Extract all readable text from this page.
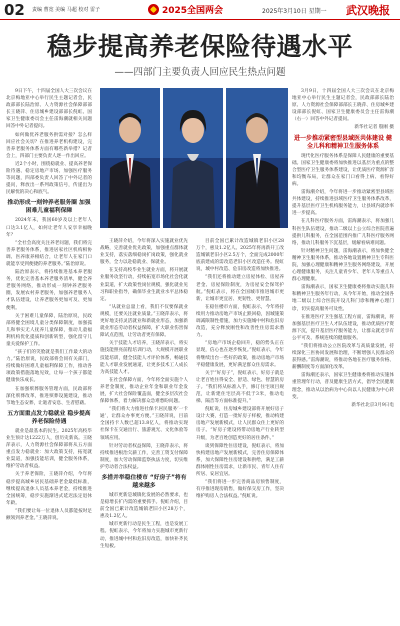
02 责编 曹宽 美编 马超 校对 雷子	2025全国两会	2025年3月10日 星期一 武汉晚报
稳步提高养老保险待遇水平
——四部门主要负责人回应民生热点问题

9日下午，十四届全国人大三次会议在北京梅地亚中心举行民生主题记者会，民政部部长陆治原、人力资源社会保障部部长王晓萍、住房城乡建设部部长倪虹、国家卫生健康委员会主任雷海潮就相关问题回答中外记者提问。

如何做优养老服务供需对接？怎么样回应社会关切？在推进养老机构建设，完善养老服务体系方面有哪些新举措？记者会上，四部门主要负责人逐一作出回应。

近2个小时，围绕稳就业、提高养老保险待遇、稳定房地产市场、加强医疗服务等问题，四部委负责人回答了中外记者的提问，释放出一系列政策信号，传递出为民解忧的决心和底气。

推动形成一刻钟养老服务圈 加强困难儿童福利保障

2024年末，我国60岁及以上老年人口达3.1亿人，如何让老年人安享幸福晚年？

“全社会高度关注养老问题，我们将完善养老服务体系，推进居家社区机构相协调、医养康养相结合，让老年人在家门口就能享受到便捷的养老服务。”陆治原说。

陆治原表示，将持续推进基本养老服务，优化完善基本养老服务清单，健全养老服务网络，推动形成一刻钟养老服务圈，发展农村养老服务，加强养老服务人才队伍建设，让养老服务更加可及、更加便利。

关于困难儿童保障，陆治原说，民政部将健全困境儿童分类保障制度，加强孤儿和事实无人抚养儿童保障，推动儿童福利机构优化提质和创新转型，强化留守儿童关爱保护工作。

“孩子们的笑脸就是我们工作最大的动力。”陆治原说，民政部将会同有关部门，持续做好困难儿童福利保障工作，推动各项政策措施落地见效，让每一个孩子都能健康快乐成长。

在加强殡葬服务管理方面，民政部将深化殡葬改革，推进殡葬设施建设，推动节地生态安葬，让逝者安息、生者慰藉。

五方面重点发力稳就业 稳步提高养老保险待遇

就业是最基本的民生。2025年高校毕业生预计达1222万人，创历史新高。王晓萍表示，人力资源社会保障部将从五方面重点发力稳就业：加大政策支持，拓宽就业渠道，加强技能培训，健全服务体系，维护劳动者权益。

关于养老保险，王晓萍介绍，今年将稳步提高城乡居民基础养老金最低标准，继续提高退休人员基本养老金，持续推进全国统筹，稳步实施渐进式延迟法定退休年龄。

“我们要让每一位退休人员都能按时足额领到养老金。”王晓萍说。

王晓萍介绍，今年将深入实施就业优先战略，完善就业优先政策，加强重点群体就业支持，落实落细稳岗扩岗政策，强化就业服务，全力以赴稳就业、保就业。

在支持高校毕业生就业方面，将开展就业服务攻坚行动，持续拓宽市场化社会化就业渠道，扩大政策性岗位规模，强化就业见习和职业指导，确保毕业生就业水平总体稳定。

“从就业总量上看，我们不仅要保就业规模，还要关注就业质量。”王晓萍表示，将更好地支持灵活就业和新就业形态，加强新就业形态劳动者权益保障，扩大职业伤害保障试点范围，让劳动者更有保障。

关于技能人才培养，王晓萍表示，将实施技能照亮前程培训行动，大规模开展职业技能培训，健全技能人才评价体系，畅通技能人才职业发展通道，让更多技术工人成长为高技能人才。

在社会保障方面，今年将全面实施个人养老金制度，推动企业年金和职业年金发展，扩大社会保险覆盖面，健全多层次社会保障体系，着力解决群众急难愁盼问题。

“我们将大力推进社保卡居民服务‘一卡通’，让群众办事更方便。”王晓萍说，目前全国持卡人数已超13.8亿人，将推动实现社保卡在交通出行、旅游观光、文化体验等领域应用。

针对劳动者权益保障，王晓萍表示，将持续推进根治欠薪工作，完善工资支付保障制度，加大劳动保障监察执法力度，切实维护劳动者合法权益。

多措并举稳住楼市 “好房子”将有越来越多

城市更新是城镇化发展的必然要求，也是稳增长扩内需的重要抓手。倪虹介绍，目前全国已累计改造城镇老旧小区28万个，惠及1.2亿人。

城市更新行动是民生工程，也是发展工程。倪虹表示，今年将加力实施城市更新行动，推进城中村和危旧房改造，加快补齐民生短板。

目前全国已累计改造城镇老旧小区28万个，惠及1.2亿人。2025年将再新开工改造城镇老旧小区2.5万个，全面完成2000年底前建成的需改造老旧小区改造任务。倪虹说，城中村改造、危旧房改造将加快推进。

“我们还将推动建立房屋体检、房屋养老金、房屋保险制度，为房屋安全保驾护航。”倪虹表示，将在全国城市推进城市更新，让城市更宜居、更韧性、更智慧。

在稳住楼市方面，倪虹表示，今年将持续用力推动房地产市场止跌回稳，因城施策调减限制性措施，加力实施城中村和危旧房改造，充分释放刚性和改善性住房需求潜力。

“房地产市场企稳回升，稳的势头正在显现，信心也在逐步恢复。”倪虹表示，今年将继续出台一些好的政策，推动房地产市场平稳健康发展，更好满足群众住房需求。

关于“好房子”，倪虹表示，好房子就是让老百姓住得安全、舒适、绿色、智慧的房子。“我们将从标准入手，修订住宅项目规范，让新建住宅层高不低于3米，推动电梯、隔音等方面标准提升。”

倪虹说，住房城乡建设部将开展好房子设计大赛，打造一批好房子样板，推动构建房地产发展新模式，让人民群众住上更好的房子。“好房子建设将带动房地产行业转型升级，为老百姓创造更好的居住条件。”

谈到保障性住房建设，倪虹表示，将加快构建房地产发展新模式，完善住房保障体系，加大保障性住房建设和供给，满足工薪群体刚性住房需求，让新市民、青年人住有所居、安居宜居。

“我们将进一步完善商品房预售制度，有序推进现房销售，做好保交房工作，坚决维护购房人合法权益。”倪虹说。

3月9日，十四届全国人大三次会议在北京梅地亚中心举行民生主题记者会，民政部部长陆治原、人力资源社会保障部部长王晓萍、住房城乡建设部部长倪虹、国家卫生健康委员会主任雷海潮（右一）回答中外记者提问。

新华社记者 殷刚 摄
进一步推动紧密型县域医共体建设 健全儿科和精神卫生服务体系

现代化医疗服务体系是保障人民健康的重要基础。国家卫生健康委将加快推进以基层为重点的整合型医疗卫生服务体系建设，让优质医疗资源扩容和均衡布局，让群众在家门口看得上病、看得好病。

雷海潮介绍，今年将进一步推动紧密型县域医共体建设，持续推进县域医疗卫生服务体系改革，提升基层医疗卫生机构服务能力，让县域内就诊率进一步提高。

在儿科医疗服务方面，雷海潮表示，将加强儿科医生队伍建设，推动二级以上公立综合医院普遍提供儿科服务，在全国范围内推广儿科医疗服务网络，推动儿科服务下沉基层，缓解看病难问题。

针对精神卫生问题，雷海潮表示，将加快健全精神卫生服务体系，推动各地设置精神卫生专科医院，加强心理健康和精神卫生服务网络建设，开展心理健康服务，关注儿童青少年、老年人等重点人群心理健康。

雷海潮表示，国家卫生健康委将推动实施儿科和精神卫生服务年行动，从今年开始，推动全国各地二级以上综合医院开设儿科门诊和精神心理门诊，切实提高服务可及性。

在推进医疗卫生强基工程方面，雷海潮说，将加强基层医疗卫生人才队伍建设，推动优质医疗资源下沉，提升基层医疗服务能力，让群众就近享有公平可及、系统连续的健康服务。

“我们将推动公立医院改革与高质量发展，持续深化三医协同发展和治理，不断增强人民群众的获得感。”雷海潮说，将推动各地在医疗服务价格、薪酬制度等方面深化改革。

雷海潮还表示，国家卫生健康委将推动实施体重管理年行动，普及健康生活方式，倡导全民健康理念，推动从以治病为中心向以人民健康为中心转变。

新华社北京3月9日电
